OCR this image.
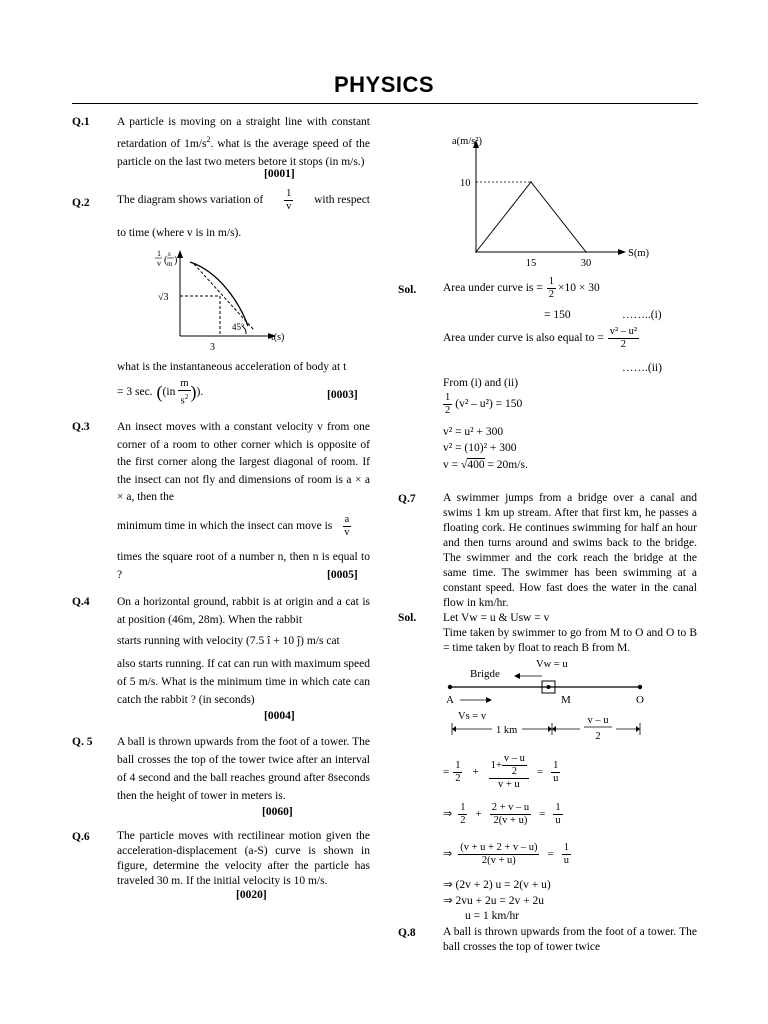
PHYSICS
Q.1 A particle is moving on a straight line with constant retardation of $1m/s^2$. what is the average speed of the particle on the last two meters betore it stops (in m/s.)
[0001]
Q.2 The diagram shows variation of $\frac{1}{v}$ with respect
to time (where v is in m/s).
1
v (
s
m )
√3
3
t(s)
45°
what is the instantaneous acceleration of body at t
= 3 sec. ( ($in \frac{m}{s^2}$ ) ).	[0003]
Q.3 An insect moves with a constant velocity v from one corner of a room to other corner which is opposite of the first corner along the largest diagonal of room. If the insect can not fly and dimensions of room is a × a × a, then the
minimum time in which the insect can move is $\frac{a}{v}$
times the square root of a number n, then n is equal to ?	[0005]
Q.4 On a horizontal ground, rabbit is at origin and a cat is at position (46m, 28m). When the rabbit
starts running with velocity (7.5 î + 10 ĵ) m/s cat
also starts running. If cat can run with maximum speed of 5 m/s. What is the minimum time in which cate can catch the rabbit ? (in seconds)
[0004]
Q. 5 A ball is thrown upwards from the foot of a tower. The ball crosses the top of the tower twice after an interval of 4 second and the ball reaches ground after 8seconds then the height of tower in meters is.
[0060]
Q.6 The particle moves with rectilinear motion given the acceleration-displacement (a-S) curve is shown in figure, determine the velocity after the particle has traveled 30 m. If the initial velocity is 10 m/s.
[0020]
a(m/s²)
S(m)
10
15	30
Sol. Area under curve is = $\frac{1}{2} \times 10 \times 30$
= 150	……..(i)
Area under curve is also equal to = $\frac{\text{v² – u²}}{2}$
…….(ii)
From (i) and (ii)
$\frac{1}{2} (v^2 - u^2) = 150$
v² = u² + 300
v² = (10)² + 300
v = √400 = 20m/s.
Q.7 A swimmer jumps from a bridge over a canal and swims 1 km up stream. After that first km, he passes a floating cork. He continues swimming for half an hour and then turns around and swims back to the bridge. The swimmer and the cork reach the bridge at the same time. The swimmer has been swimming at a constant speed. How fast does the water in the canal flow in km/hr.
Sol. Let Vw = u & Usw = v
Time taken by swimmer to go from M to O and O to B = time taken by float to reach B from M.
Brigde
Vw = u
A	M	O
Vs = v
1 km
v – u
2
= $\frac{1}{2} + \frac{1+ \frac{v - u}{2}}{v + u} = \frac{1}{u}$
⇒ $\frac{1}{2} + \frac{2 + v - u}{2(v + u)} = \frac{1}{u}$
⇒ $\frac{(v + u + 2 + v - u)}{2(v + u)} = \frac{1}{u}$
⇒ (2v + 2) u = 2(v + u)
⇒ 2vu + 2u = 2v + 2u
u = 1 km/hr
Q.8 A ball is thrown upwards from the foot of a tower. The ball crosses the top of tower twice
